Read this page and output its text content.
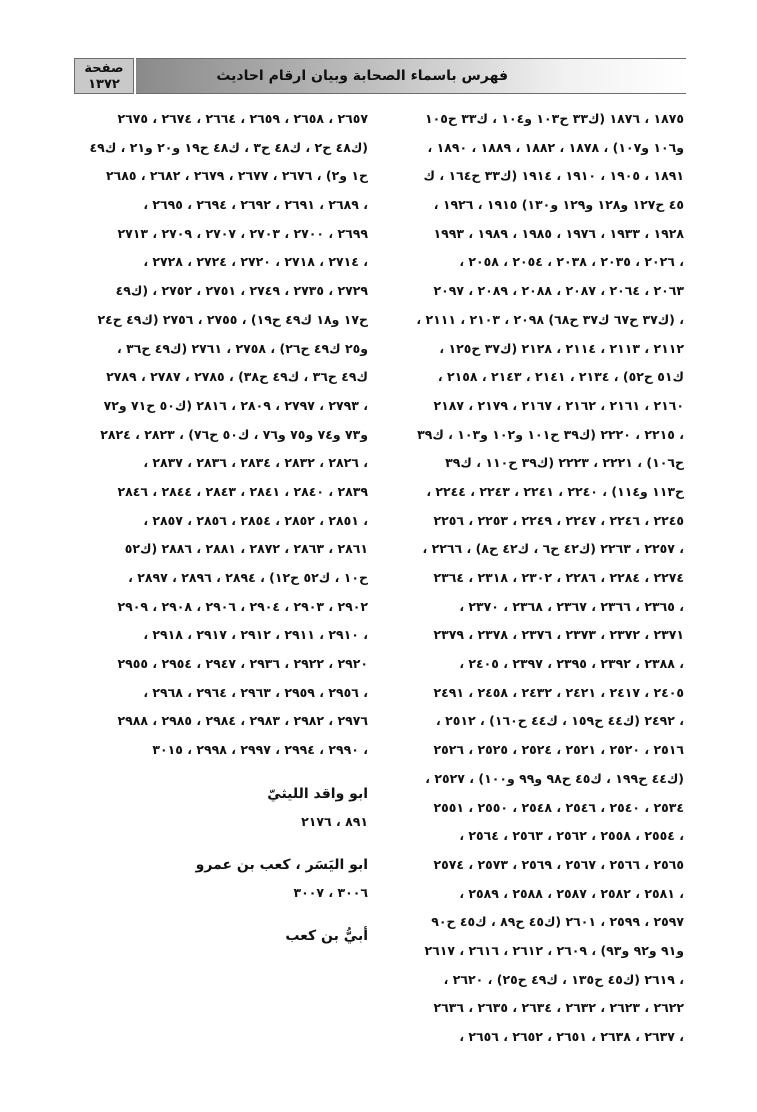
فهرس باسماء الصحابة وبيان ارقام احاديث
صفحة
١٣٧٢
١٨٧٥ ، ١٨٧٦ (ك٣٣ ح١٠٣ و١٠٤ ، ك٣٣ ح١٠٥
و١٠٦ و١٠٧) ، ١٨٧٨ ، ١٨٨٢ ، ١٨٨٩ ، ١٨٩٠ ،
١٨٩١ ، ١٩٠٥ ، ١٩١٠ ، ١٩١٤ (ك٣٣ ح١٦٤ ، ك
٤٥ ح١٢٧ و١٢٨ و١٢٩ و١٣٠) ١٩١٥ ، ١٩٢٦ ،
١٩٢٨ ، ١٩٣٣ ، ١٩٧٦ ، ١٩٨٥ ، ١٩٨٩ ، ١٩٩٣
، ٢٠٢٦ ، ٢٠٣٥ ، ٢٠٣٨ ، ٢٠٥٤ ، ٢٠٥٨ ،
٢٠٦٣ ، ٢٠٦٤ ، ٢٠٨٧ ، ٢٠٨٨ ، ٢٠٨٩ ، ٢٠٩٧
، (ك٣٧ ح٦٧ ك٣٧ ح٦٨) ٢٠٩٨ ، ٢١٠٣ ، ٢١١١ ،
٢١١٢ ، ٢١١٣ ، ٢١١٤ ، ٢١٢٨ (ك٣٧ ح١٢٥ ،
ك٥١ ح٥٢) ، ٢١٣٤ ، ٢١٤١ ، ٢١٤٣ ، ٢١٥٨ ،
٢١٦٠ ، ٢١٦١ ، ٢١٦٢ ، ٢١٦٧ ، ٢١٧٩ ، ٢١٨٧
، ٢٢١٥ ، ٢٢٢٠ (ك٣٩ ح١٠١ و١٠٢ و١٠٣ ، ك٣٩
ح١٠٦) ، ٢٢٢١ ، ٢٢٢٣ (ك٣٩ ح١١٠ ، ك٣٩
ح١١٣ و١١٤) ، ٢٢٤٠ ، ٢٢٤١ ، ٢٢٤٣ ، ٢٢٤٤ ،
٢٢٤٥ ، ٢٢٤٦ ، ٢٢٤٧ ، ٢٢٤٩ ، ٢٢٥٣ ، ٢٢٥٦
، ٢٢٥٧ ، ٢٢٦٣ (ك٤٢ ح٦ ، ك٤٢ ح٨) ، ٢٢٦٦ ،
٢٢٧٤ ، ٢٢٨٤ ، ٢٢٨٦ ، ٢٣٠٢ ، ٢٣١٨ ، ٢٣٦٤
، ٢٣٦٥ ، ٢٣٦٦ ، ٢٣٦٧ ، ٢٣٦٨ ، ٢٣٧٠ ،
٢٣٧١ ، ٢٣٧٢ ، ٢٣٧٣ ، ٢٣٧٦ ، ٢٣٧٨ ، ٢٣٧٩
، ٢٣٨٨ ، ٢٣٩٢ ، ٢٣٩٥ ، ٢٣٩٧ ، ٢٤٠٥ ،
٢٤٠٥ ، ٢٤١٧ ، ٢٤٢١ ، ٢٤٣٢ ، ٢٤٥٨ ، ٢٤٩١
، ٢٤٩٢ (ك٤٤ ح١٥٩ ، ك٤٤ ح١٦٠) ، ٢٥١٢ ،
٢٥١٦ ، ٢٥٢٠ ، ٢٥٢١ ، ٢٥٢٤ ، ٢٥٢٥ ، ٢٥٢٦
(ك٤٤ ح١٩٩ ، ك٤٥ ح٩٨ و٩٩ و١٠٠) ، ٢٥٢٧ ،
٢٥٣٤ ، ٢٥٤٠ ، ٢٥٤٦ ، ٢٥٤٨ ، ٢٥٥٠ ، ٢٥٥١
، ٢٥٥٤ ، ٢٥٥٨ ، ٢٥٦٢ ، ٢٥٦٣ ، ٢٥٦٤ ،
٢٥٦٥ ، ٢٥٦٦ ، ٢٥٦٧ ، ٢٥٦٩ ، ٢٥٧٣ ، ٢٥٧٤
، ٢٥٨١ ، ٢٥٨٢ ، ٢٥٨٧ ، ٢٥٨٨ ، ٢٥٨٩ ،
٢٥٩٧ ، ٢٥٩٩ ، ٢٦٠١ (ك٤٥ ح٨٩ ، ك٤٥ ح٩٠
و٩١ و٩٢ و٩٣) ، ٢٦٠٩ ، ٢٦١٢ ، ٢٦١٦ ، ٢٦١٧
، ٢٦١٩ (ك٤٥ ح١٣٥ ، ك٤٩ ح٢٥) ، ٢٦٢٠ ،
٢٦٢٢ ، ٢٦٢٣ ، ٢٦٣٢ ، ٢٦٣٤ ، ٢٦٣٥ ، ٢٦٣٦
، ٢٦٣٧ ، ٢٦٣٨ ، ٢٦٥١ ، ٢٦٥٢ ، ٢٦٥٦ ،
٢٦٥٧ ، ٢٦٥٨ ، ٢٦٥٩ ، ٢٦٦٤ ، ٢٦٧٤ ، ٢٦٧٥
(ك٤٨ ح٢ ، ك٤٨ ح٣ ، ك٤٨ ح١٩ و٢٠ و٢١ ، ك٤٩
ح١ و٢) ، ٢٦٧٦ ، ٢٦٧٧ ، ٢٦٧٩ ، ٢٦٨٢ ، ٢٦٨٥
، ٢٦٨٩ ، ٢٦٩١ ، ٢٦٩٢ ، ٢٦٩٤ ، ٢٦٩٥ ،
٢٦٩٩ ، ٢٧٠٠ ، ٢٧٠٣ ، ٢٧٠٧ ، ٢٧٠٩ ، ٢٧١٣
، ٢٧١٤ ، ٢٧١٨ ، ٢٧٢٠ ، ٢٧٢٤ ، ٢٧٢٨ ،
٢٧٢٩ ، ٢٧٣٥ ، ٢٧٤٩ ، ٢٧٥١ ، ٢٧٥٢ ، (ك٤٩
ح١٧ و١٨ ك٤٩ ح١٩) ، ٢٧٥٥ ، ٢٧٥٦ (ك٤٩ ح٢٤
و٢٥ ك٤٩ ح٢٦) ، ٢٧٥٨ ، ٢٧٦١ (ك٤٩ ح٣٦ ،
ك٤٩ ح٣٦ ، ك٤٩ ح٣٨) ، ٢٧٨٥ ، ٢٧٨٧ ، ٢٧٨٩
، ٢٧٩٣ ، ٢٧٩٧ ، ٢٨٠٩ ، ٢٨١٦ (ك٥٠ ح٧١ و٧٢
و٧٣ و٧٤ و٧٥ و٧٦ ، ك٥٠ ح٧٦) ، ٢٨٢٣ ، ٢٨٢٤
، ٢٨٢٦ ، ٢٨٣٢ ، ٢٨٣٤ ، ٢٨٣٦ ، ٢٨٣٧ ،
٢٨٣٩ ، ٢٨٤٠ ، ٢٨٤١ ، ٢٨٤٣ ، ٢٨٤٤ ، ٢٨٤٦
، ٢٨٥١ ، ٢٨٥٢ ، ٢٨٥٤ ، ٢٨٥٦ ، ٢٨٥٧ ،
٢٨٦١ ، ٢٨٦٣ ، ٢٨٧٢ ، ٢٨٨١ ، ٢٨٨٦ (ك٥٢
ح١٠ ، ك٥٢ ح١٢) ، ٢٨٩٤ ، ٢٨٩٦ ، ٢٨٩٧ ،
٢٩٠٢ ، ٢٩٠٣ ، ٢٩٠٤ ، ٢٩٠٦ ، ٢٩٠٨ ، ٢٩٠٩
، ٢٩١٠ ، ٢٩١١ ، ٢٩١٢ ، ٢٩١٧ ، ٢٩١٨ ،
٢٩٢٠ ، ٢٩٢٢ ، ٢٩٣٦ ، ٢٩٤٧ ، ٢٩٥٤ ، ٢٩٥٥
، ٢٩٥٦ ، ٢٩٥٩ ، ٢٩٦٣ ، ٢٩٦٤ ، ٢٩٦٨ ،
٢٩٧٦ ، ٢٩٨٢ ، ٢٩٨٣ ، ٢٩٨٤ ، ٢٩٨٥ ، ٢٩٨٨
، ٢٩٩٠ ، ٢٩٩٤ ، ٢٩٩٧ ، ٢٩٩٨ ، ٣٠١٥
ابو واقد الليثيّ
٨٩١ ، ٢١٧٦
ابو اليَسَر ، كعب بن عمرو
٣٠٠٦ ، ٣٠٠٧
أبيُّ بن كعب
